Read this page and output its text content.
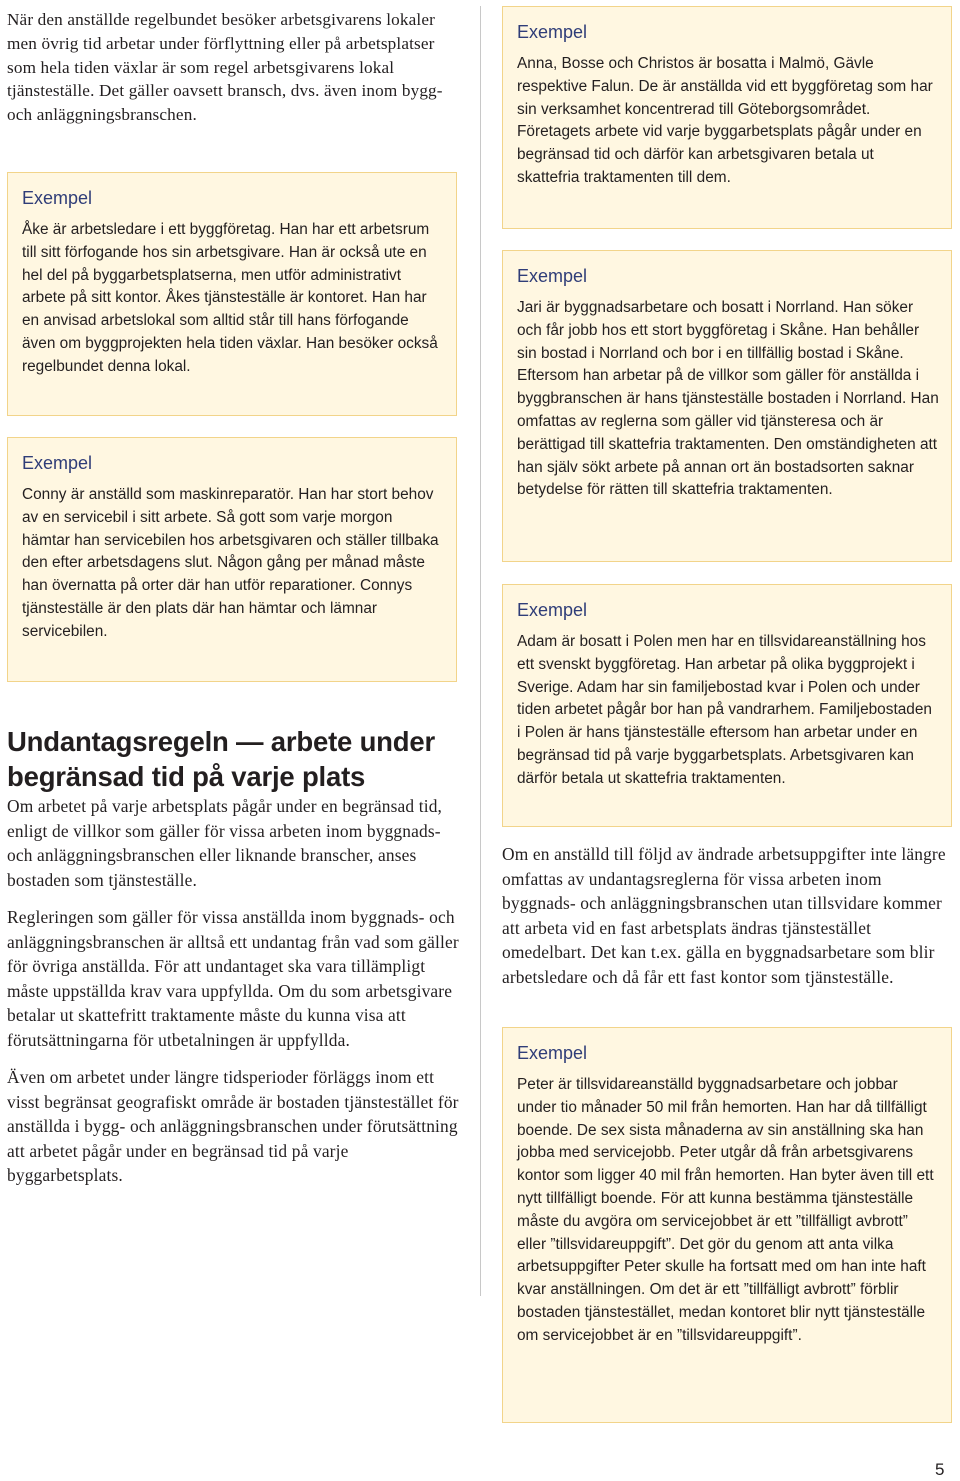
När den anställde regelbundet besöker arbetsgivarens lokaler men övrig tid arbetar under förflyttning eller på arbetsplatser som hela tiden växlar är som regel arbetsgivarens lokal tjänsteställe. Det gäller oavsett bransch, dvs. även inom bygg- och anläggningsbranschen.

Exempel

Åke är arbetsledare i ett byggföretag. Han har ett arbetsrum till sitt förfogande hos sin arbetsgivare. Han är också ute en hel del på byggarbetsplatserna, men utför administrativt arbete på sitt kontor. Åkes tjänsteställe är kontoret. Han har en anvisad arbetslokal som alltid står till hans förfogande även om byggprojekten hela tiden växlar. Han besöker också regelbundet denna lokal.

Exempel

Conny är anställd som maskinreparatör. Han har stort behov av en servicebil i sitt arbete. Så gott som varje morgon hämtar han servicebilen hos arbetsgivaren och ställer tillbaka den efter arbetsdagens slut. Någon gång per månad måste han övernatta på orter där han utför reparationer. Connys tjänsteställe är den plats där han hämtar och lämnar servicebilen.

Undantagsregeln — arbete under begränsad tid på varje plats

Om arbetet på varje arbetsplats pågår under en begränsad tid, enligt de villkor som gäller för vissa arbeten inom byggnads- och anläggningsbranschen eller liknande branscher, anses bostaden som tjänsteställe.

Regleringen som gäller för vissa anställda inom byggnads- och anläggningsbranschen är alltså ett undantag från vad som gäller för övriga anställda. För att undantaget ska vara tillämpligt måste uppställda krav vara uppfyllda. Om du som arbetsgivare betalar ut skattefritt traktamente måste du kunna visa att förutsättningarna för utbetalningen är uppfyllda.

Även om arbetet under längre tidsperioder förläggs inom ett visst begränsat geografiskt område är bostaden tjänstestället för anställda i bygg- och anläggningsbranschen under förutsättning att arbetet pågår under en begränsad tid på varje byggarbetsplats.

Exempel

Anna, Bosse och Christos är bosatta i Malmö, Gävle respektive Falun. De är anställda vid ett byggföretag som har sin verksamhet koncentrerad till Göteborgsområdet. Företagets arbete vid varje byggarbetsplats pågår under en begränsad tid och därför kan arbetsgivaren betala ut skattefria traktamenten till dem.

Exempel

Jari är byggnadsarbetare och bosatt i Norrland. Han söker och får jobb hos ett stort byggföretag i Skåne. Han behåller sin bostad i Norrland och bor i en tillfällig bostad i Skåne. Eftersom han arbetar på de villkor som gäller för anställda i byggbranschen är hans tjänsteställe bostaden i Norrland. Han omfattas av reglerna som gäller vid tjänsteresa och är berättigad till skattefria traktamenten. Den omständigheten att han själv sökt arbete på annan ort än bostadsorten saknar betydelse för rätten till skattefria traktamenten.

Exempel

Adam är bosatt i Polen men har en tillsvidareanställning hos ett svenskt byggföretag. Han arbetar på olika byggprojekt i Sverige. Adam har sin familjebostad kvar i Polen och under tiden arbetet pågår bor han på vandrarhem. Familjebostaden i Polen är hans tjänsteställe eftersom han arbetar under en begränsad tid på varje byggarbetsplats. Arbetsgivaren kan därför betala ut skattefria traktamenten.

Om en anställd till följd av ändrade arbetsuppgifter inte längre omfattas av undantagsreglerna för vissa arbeten inom byggnads- och anläggningsbranschen utan tillsvidare kommer att arbeta vid en fast arbetsplats ändras tjänstestället omedelbart. Det kan t.ex. gälla en byggnadsarbetare som blir arbetsledare och då får ett fast kontor som tjänsteställe.

Exempel

Peter är tillsvidareanställd byggnadsarbetare och jobbar under tio månader 50 mil från hemorten. Han har då tillfälligt boende. De sex sista månaderna av sin anställning ska han jobba med servicejobb. Peter utgår då från arbetsgivarens kontor som ligger 40 mil från hemorten. Han byter även till ett nytt tillfälligt boende. För att kunna bestämma tjänsteställe måste du avgöra om servicejobbet är ett ”tillfälligt avbrott” eller ”tillsvidareuppgift”. Det gör du genom att anta vilka arbetsuppgifter Peter skulle ha fortsatt med om han inte haft kvar anställningen. Om det är ett ”tillfälligt avbrott” förblir bostaden tjänstestället, medan kontoret blir nytt tjänsteställe om servicejobbet är en ”tillsvidareuppgift”.

5
